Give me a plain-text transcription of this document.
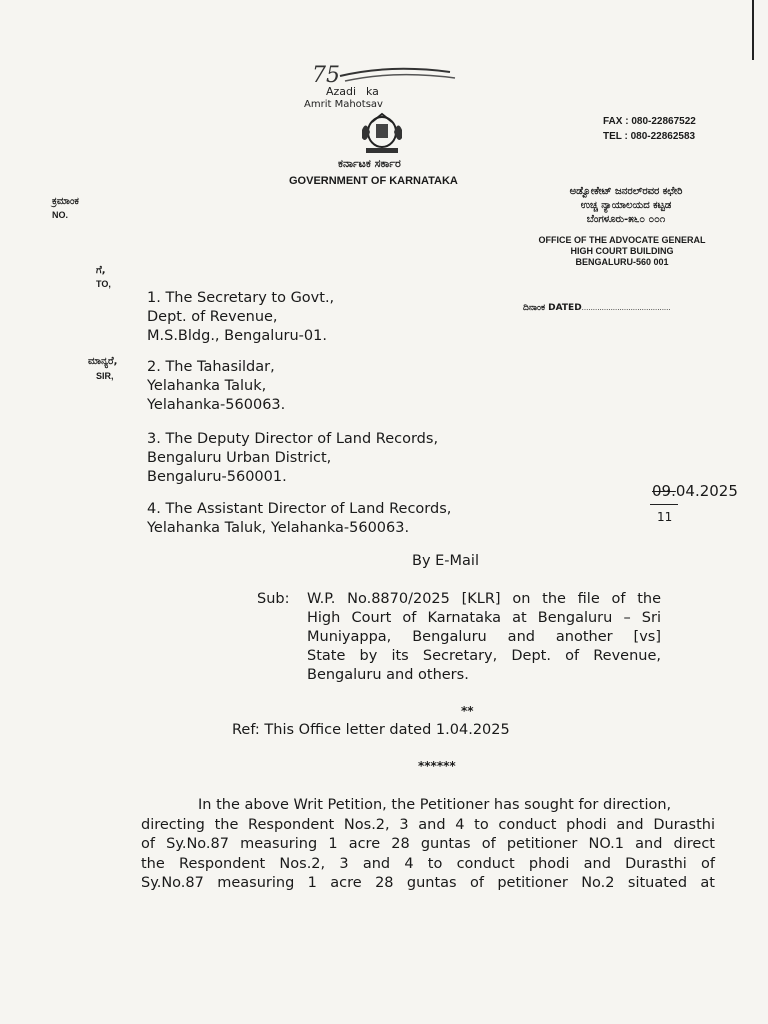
75
Azadi ka
Amrit Mahotsav
FAX : 080-22867522
TEL : 080-22862583
ಕರ್ನಾಟಕ ಸರ್ಕಾರ
GOVERNMENT OF KARNATAKA
ಕ್ರಮಾಂಕ
NO.
ಅಡ್ವೋಕೇಟ್ ಜನರಲ್‌ರವರ ಕಛೇರಿ
ಉಚ್ಚ ನ್ಯಾಯಾಲಯದ ಕಟ್ಟಡ
ಬೆಂಗಳೂರು-೫೬೦ ೦೦೧
OFFICE OF THE ADVOCATE GENERAL
HIGH COURT BUILDING
BENGALURU-560 001
ಗೆ,
TO,
ದಿನಾಂಕ DATED........................................
ಮಾನ್ಯರೆ,
SIR,
1. The Secretary to Govt.,
Dept. of Revenue,
M.S.Bldg., Bengaluru-01.
2. The Tahasildar,
Yelahanka Taluk,
Yelahanka-560063.
3. The Deputy Director of Land Records,
Bengaluru Urban District,
Bengaluru-560001.
4. The Assistant Director of Land Records,
Yelahanka Taluk, Yelahanka-560063.
09.04.2025
11
By E-Mail
Sub: W.P. No.8870/2025 [KLR] on the file of the
High Court of Karnataka at Bengaluru – Sri
Muniyappa, Bengaluru and another [vs]
State by its Secretary, Dept. of Revenue,
Bengaluru and others.
**
Ref: This Office letter dated 1.04.2025
******
In the above Writ Petition, the Petitioner has sought for direction,
directing the Respondent Nos.2, 3 and 4 to conduct phodi and Durasthi
of Sy.No.87 measuring 1 acre 28 guntas of petitioner NO.1 and direct
the Respondent Nos.2, 3 and 4 to conduct phodi and Durasthi of
Sy.No.87 measuring 1 acre 28 guntas of petitioner No.2 situated at
